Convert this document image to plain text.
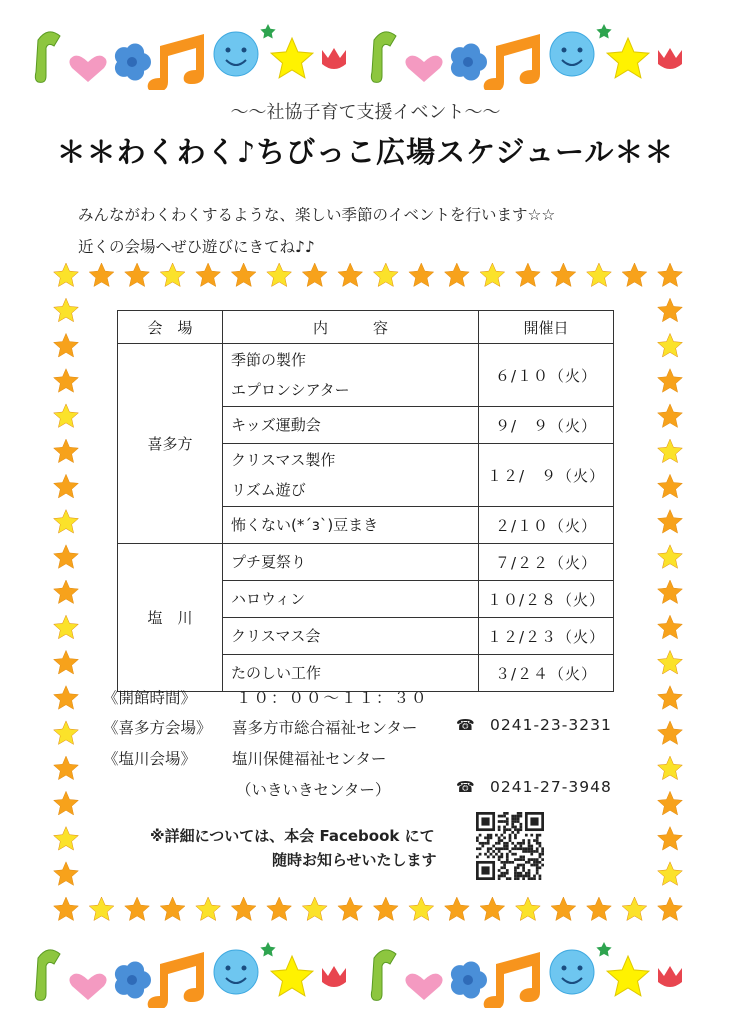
〜〜社協子育て支援イベント〜〜
＊＊わくわく♪ちびっこ広場スケジュール＊＊
みんながわくわくするような、楽しい季節のイベントを行います☆☆
近くの会場へぜひ遊びにきてね♪♪
会　場	内　　　容	開催日
喜多方	季節の製作
エプロンシアター	６/１０（火）
	キッズ運動会	９/　９（火）
	クリスマス製作
リズム遊び	１２/　９（火）
	怖くない(*´з`)豆まき	２/１０（火）
塩　川	プチ夏祭り	７/２２（火）
	ハロウィン	１０/２８（火）
	クリスマス会	１２/２３（火）
	たのしい工作	３/２４（火）
《開館時間》	１０：００〜１１：３０
《喜多方会場》 喜多方市総合福祉センター	☎ 0241-23-3231
《塩川会場》 塩川保健福祉センター
（いきいきセンター）	☎ 0241-27-3948
※詳細については、本会 Facebook にて
随時お知らせいたします
